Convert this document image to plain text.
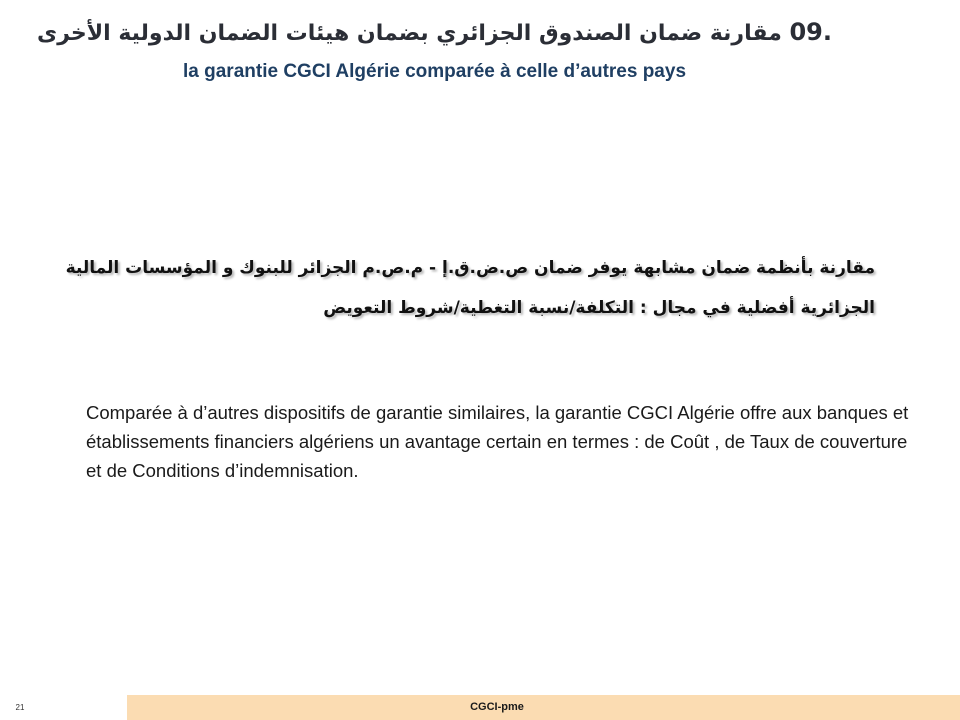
09. مقارنة ضمان الصندوق الجزائري بضمان هيئات الضمان الدولية الأخرى
la garantie CGCI Algérie comparée à celle d’autres pays
مقارنة بأنظمة ضمان مشابهة يوفر ضمان ص.ض.ق.إ - م.ص.م الجزائر للبنوك و المؤسسات المالية
الجزائرية أفضلية في مجال : التكلفة/نسبة التغطية/شروط التعويض

Comparée à d’autres dispositifs de garantie similaires, la garantie CGCI Algérie offre aux banques et établissements financiers algériens un avantage certain en termes : de Coût , de Taux de couverture et de Conditions d’indemnisation.

21	CGCI-pme
